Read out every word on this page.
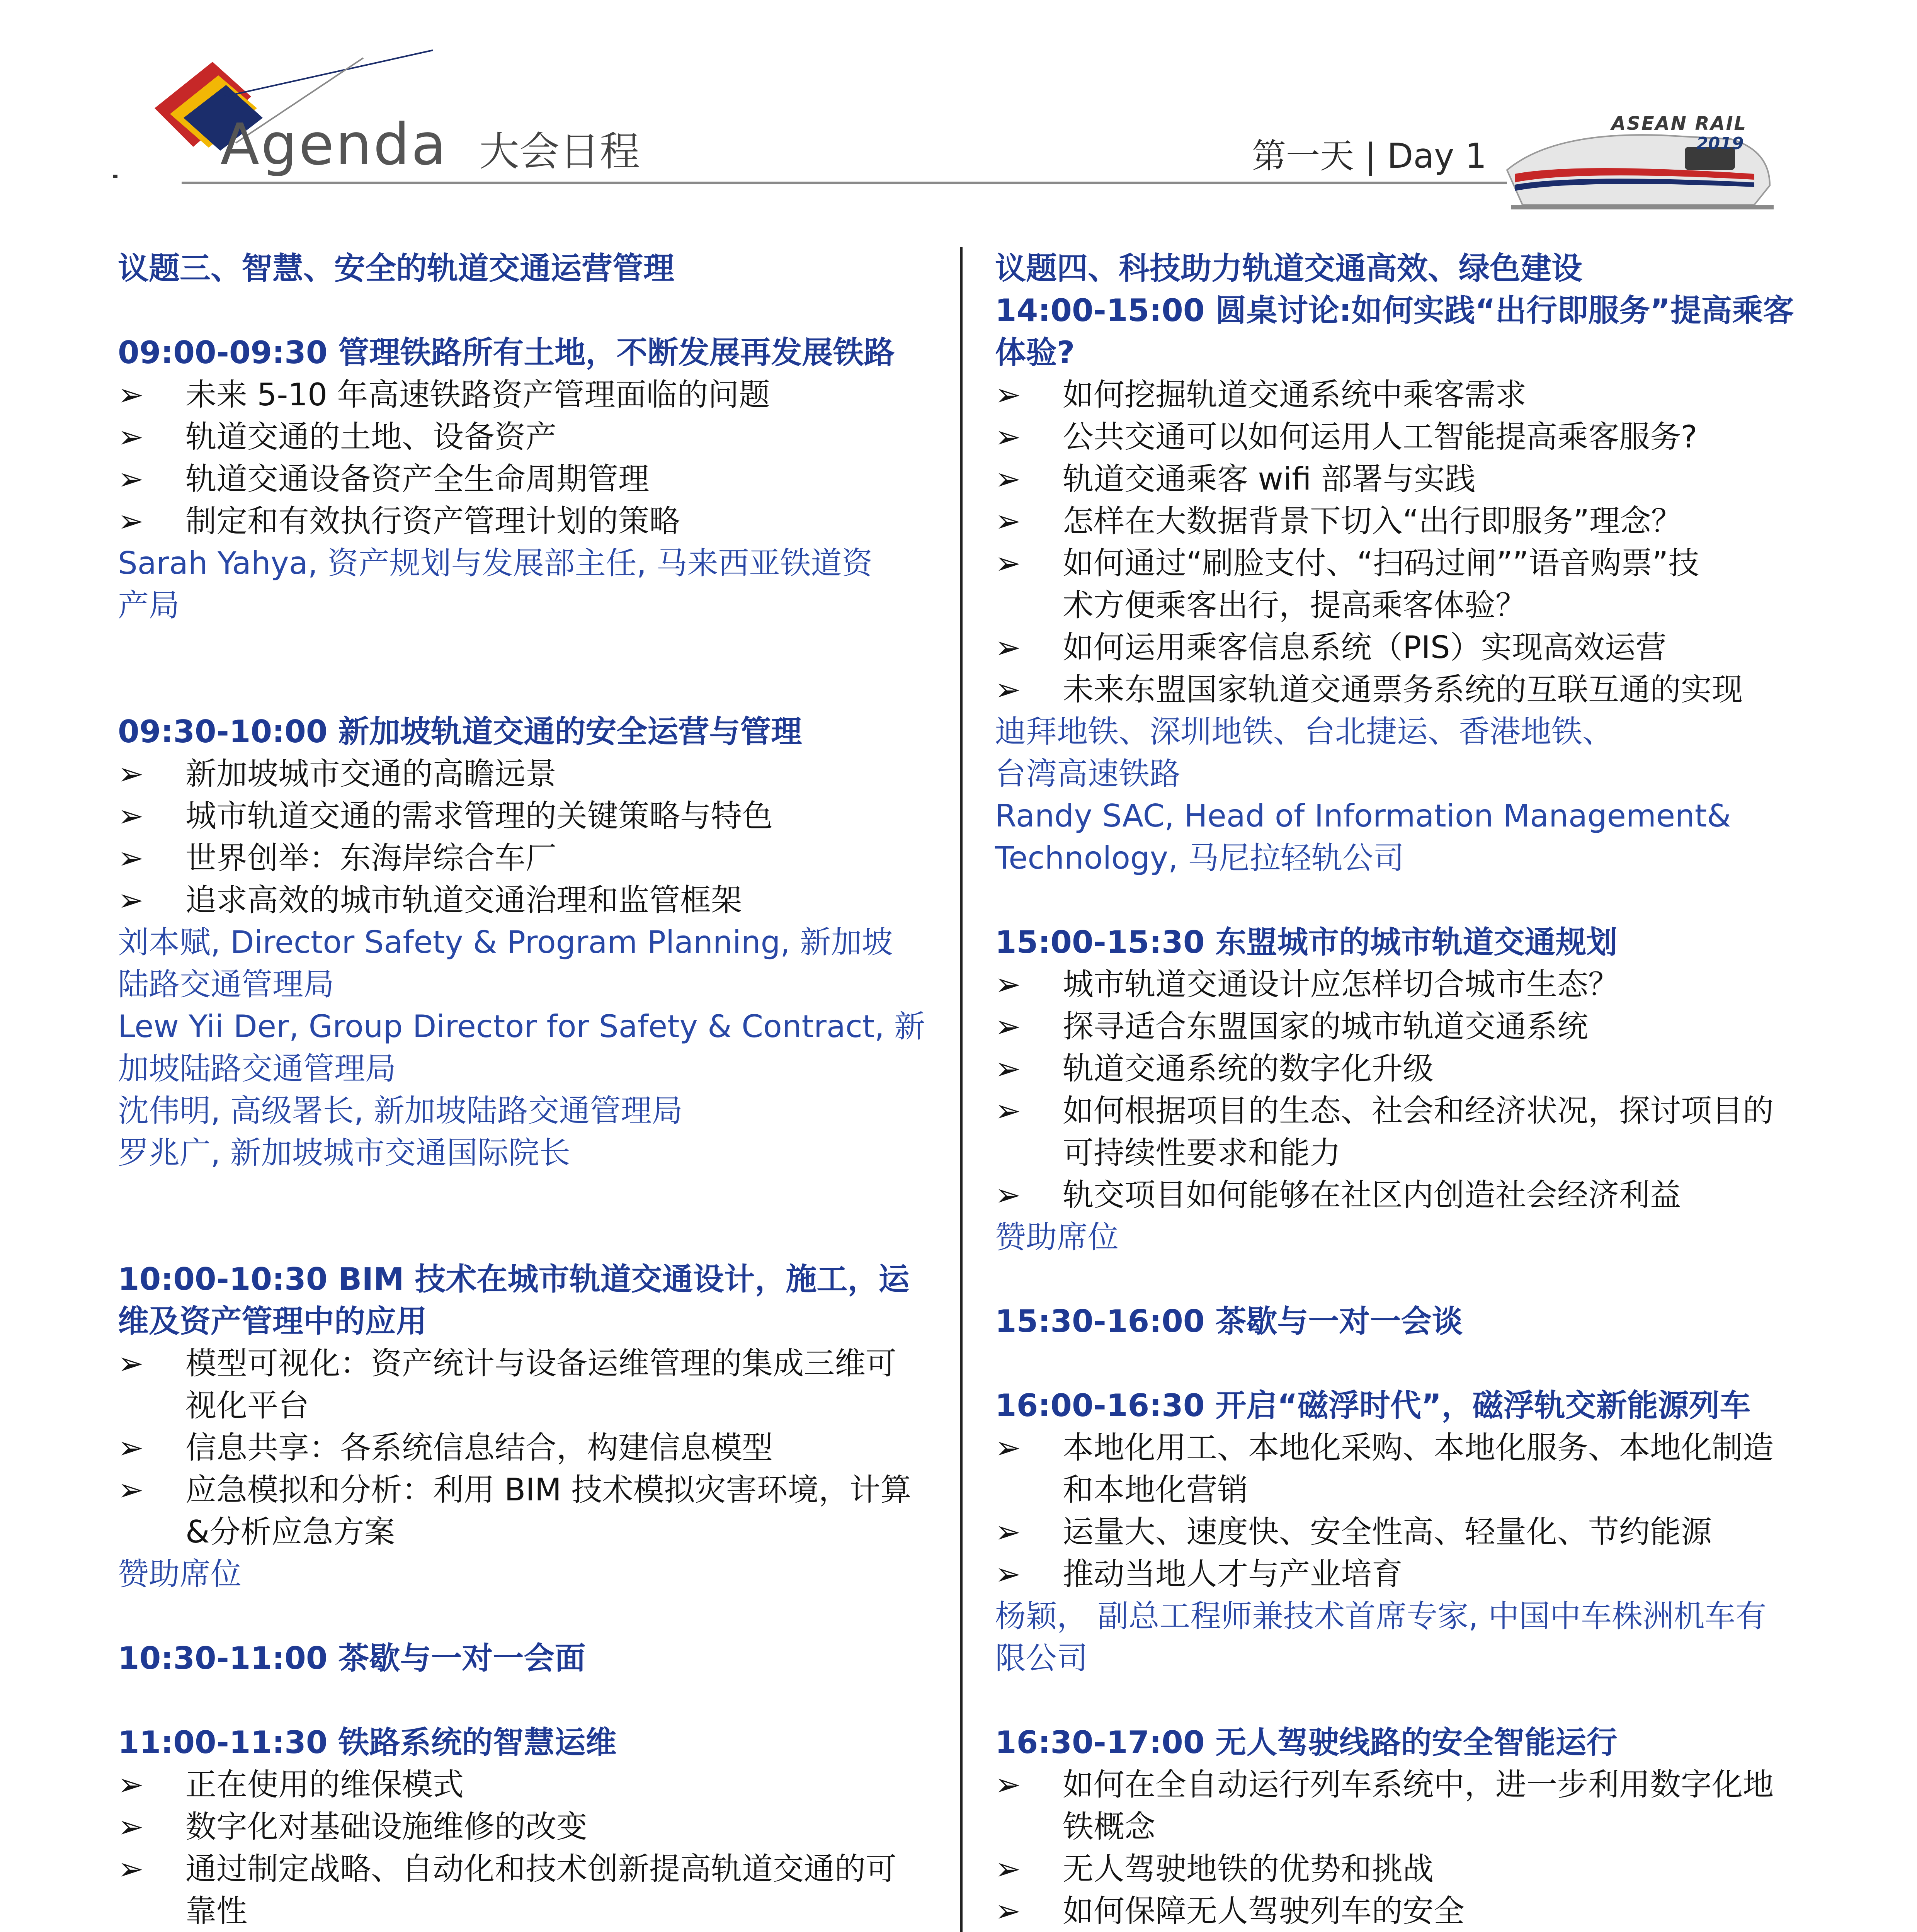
Agenda 大会日程	第一天 | Day 1
ASEAN RAIL
2019
议题三、智慧、安全的轨道交通运营管理
09:00-09:30 管理铁路所有土地，不断发展再发展铁路
➢ 未来 5-10 年高速铁路资产管理面临的问题
➢ 轨道交通的土地、设备资产
➢ 轨道交通设备资产全生命周期管理
➢ 制定和有效执行资产管理计划的策略
Sarah Yahya, 资产规划与发展部主任, 马来西亚铁道资
产局
09:30-10:00 新加坡轨道交通的安全运营与管理
➢ 新加坡城市交通的高瞻远景
➢ 城市轨道交通的需求管理的关键策略与特色
➢ 世界创举：东海岸综合车厂
➢ 追求高效的城市轨道交通治理和监管框架
刘本赋, Director Safety & Program Planning, 新加坡
陆路交通管理局
Lew Yii Der, Group Director for Safety & Contract, 新
加坡陆路交通管理局
沈伟明, 高级署长, 新加坡陆路交通管理局
罗兆广, 新加坡城市交通国际院长
10:00-10:30 BIM 技术在城市轨道交通设计，施工，运
维及资产管理中的应用
➢ 模型可视化：资产统计与设备运维管理的集成三维可
视化平台
➢ 信息共享：各系统信息结合，构建信息模型
➢ 应急模拟和分析：利用 BIM 技术模拟灾害环境，计算
&分析应急方案
赞助席位
10:30-11:00 茶歇与一对一会面
11:00-11:30 铁路系统的智慧运维
➢ 正在使用的维保模式
➢ 数字化对基础设施维修的改变
➢ 通过制定战略、自动化和技术创新提高轨道交通的可
靠性
议题四、科技助力轨道交通高效、绿色建设
14:00-15:00 圆桌讨论:如何实践“出行即服务”提高乘客
体验?
➢ 如何挖掘轨道交通系统中乘客需求
➢ 公共交通可以如何运用人工智能提高乘客服务?
➢ 轨道交通乘客 wifi 部署与实践
➢ 怎样在大数据背景下切入“出行即服务”理念？
➢ 如何通过“刷脸支付、“扫码过闸””语音购票”技
术方便乘客出行，提高乘客体验？
➢ 如何运用乘客信息系统（PIS）实现高效运营
➢ 未来东盟国家轨道交通票务系统的互联互通的实现
迪拜地铁、深圳地铁、台北捷运、香港地铁、
台湾高速铁路
Randy SAC, Head of Information Management&
Technology, 马尼拉轻轨公司
15:00-15:30 东盟城市的城市轨道交通规划
➢ 城市轨道交通设计应怎样切合城市生态？
➢ 探寻适合东盟国家的城市轨道交通系统
➢ 轨道交通系统的数字化升级
➢ 如何根据项目的生态、社会和经济状况，探讨项目的
可持续性要求和能力
➢ 轨交项目如何能够在社区内创造社会经济利益
赞助席位
15:30-16:00 茶歇与一对一会谈
16:00-16:30 开启“磁浮时代”，磁浮轨交新能源列车
➢ 本地化用工、本地化采购、本地化服务、本地化制造
和本地化营销
➢ 运量大、速度快、安全性高、轻量化、节约能源
➢ 推动当地人才与产业培育
杨颖， 副总工程师兼技术首席专家, 中国中车株洲机车有
限公司
16:30-17:00 无人驾驶线路的安全智能运行
➢ 如何在全自动运行列车系统中，进一步利用数字化地
铁概念
➢ 无人驾驶地铁的优势和挑战
➢ 如何保障无人驾驶列车的安全
